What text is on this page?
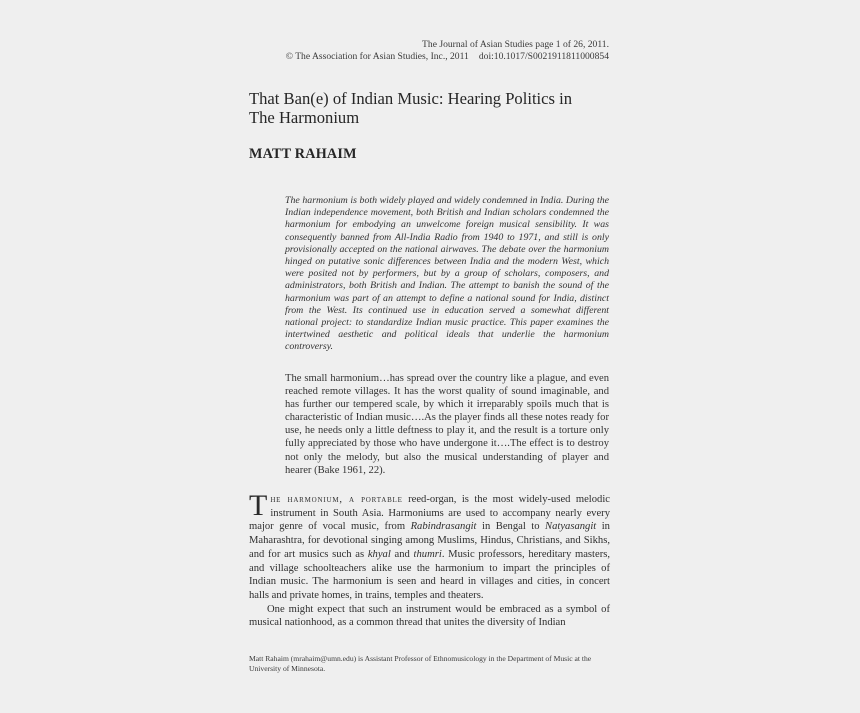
The Journal of Asian Studies page 1 of 26, 2011.
© The Association for Asian Studies, Inc., 2011 doi:10.1017/S0021911811000854
That Ban(e) of Indian Music: Hearing Politics in
The Harmonium
MATT RAHAIM

The harmonium is both widely played and widely condemned in India. During the Indian independence movement, both British and Indian scholars condemned the harmonium for embodying an unwelcome foreign musical sensibility. It was consequently banned from All-India Radio from 1940 to 1971, and still is only provisionally accepted on the national airwaves. The debate over the harmonium hinged on putative sonic differences between India and the modern West, which were posited not by performers, but by a group of scholars, composers, and administrators, both British and Indian. The attempt to banish the sound of the harmonium was part of an attempt to define a national sound for India, distinct from the West. Its continued use in education served a somewhat different national project: to standardize Indian music practice. This paper examines the intertwined aesthetic and political ideals that underlie the harmonium controversy.

The small harmonium…has spread over the country like a plague, and even reached remote villages. It has the worst quality of sound imaginable, and has further our tempered scale, by which it irreparably spoils much that is characteristic of Indian music….As the player finds all these notes ready for use, he needs only a little deftness to play it, and the result is a torture only fully appreciated by those who have undergone it….The effect is to destroy not only the melody, but also the musical understanding of player and hearer (Bake 1961, 22).

The harmonium, a portable reed-organ, is the most widely-used melodic instrument in South Asia. Harmoniums are used to accompany nearly every major genre of vocal music, from Rabindrasangit in Bengal to Natyasangit in Maharashtra, for devotional singing among Muslims, Hindus, Christians, and Sikhs, and for art musics such as khyal and thumri. Music professors, hereditary masters, and village schoolteachers alike use the harmonium to impart the principles of Indian music. The harmonium is seen and heard in villages and cities, in concert halls and private homes, in trains, temples and theaters.

One might expect that such an instrument would be embraced as a symbol of musical nationhood, as a common thread that unites the diversity of Indian

Matt Rahaim (mrahaim@umn.edu) is Assistant Professor of Ethnomusicology in the Department of Music at the University of Minnesota.
